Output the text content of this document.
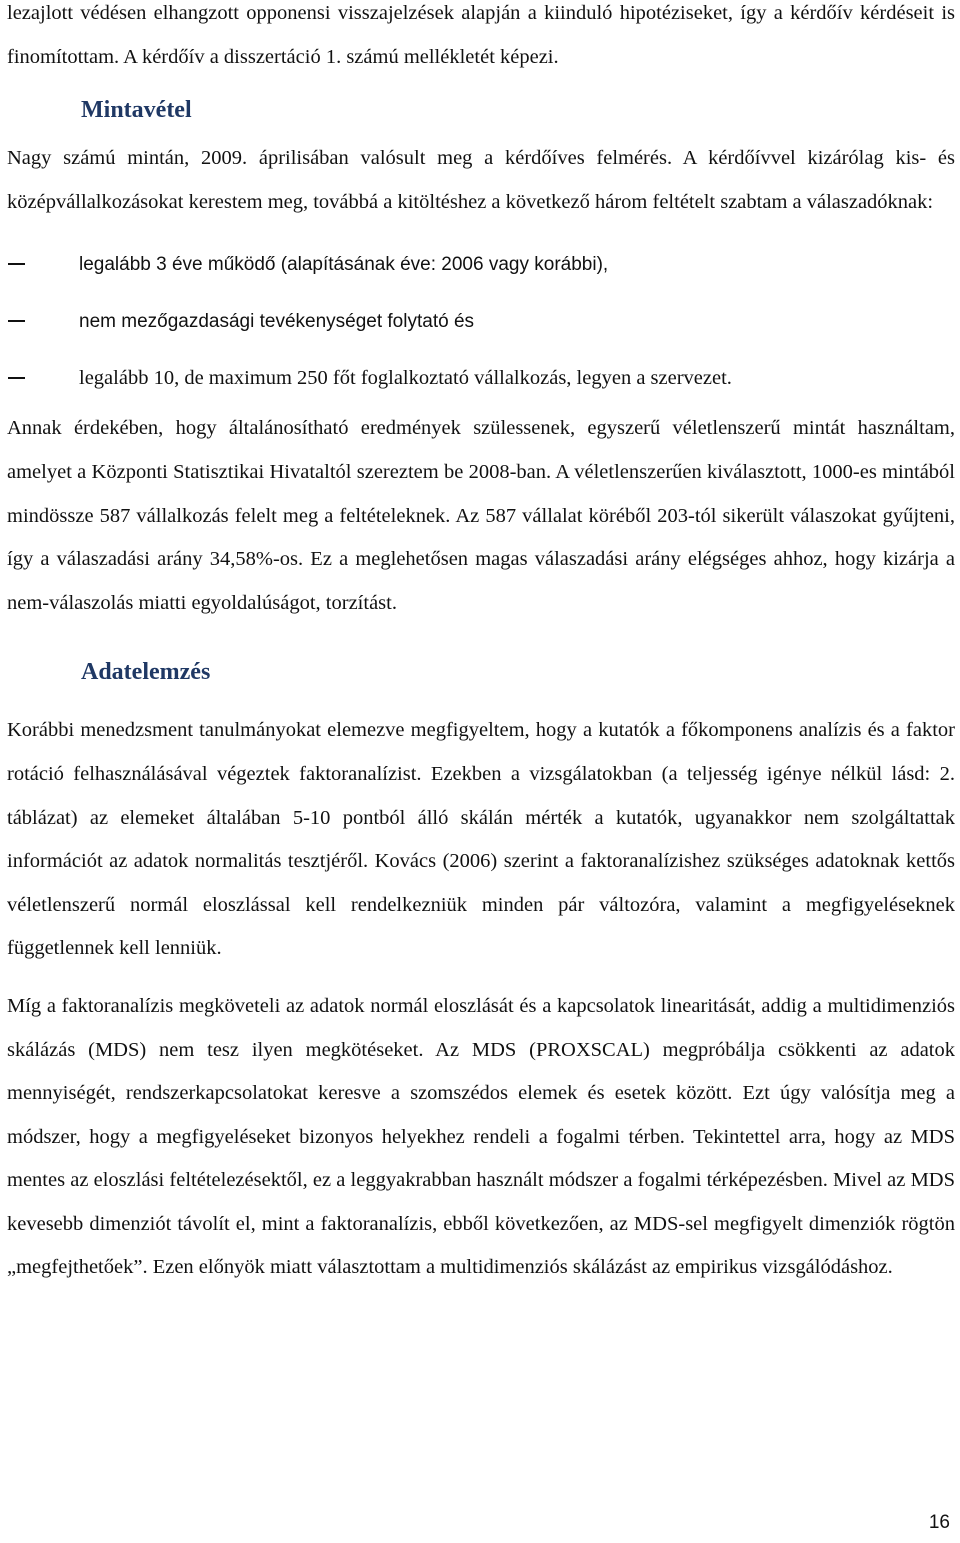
lezajlott védésen elhangzott opponensi visszajelzések alapján a kiinduló hipotéziseket, így a kérdőív kérdéseit is finomítottam. A kérdőív a disszertáció 1. számú mellékletét képezi.

Mintavétel

Nagy számú mintán, 2009. áprilisában valósult meg a kérdőíves felmérés. A kérdőívvel kizárólag kis- és középvállalkozásokat kerestem meg, továbbá a kitöltéshez a következő három feltételt szabtam a válaszadóknak:

legalább 3 éve működő (alapításának éve: 2006 vagy korábbi),
nem mezőgazdasági tevékenységet folytató és
legalább 10, de maximum 250 főt foglalkoztató vállalkozás, legyen a szervezet.

Annak érdekében, hogy általánosítható eredmények szülessenek, egyszerű véletlenszerű mintát használtam, amelyet a Központi Statisztikai Hivataltól szereztem be 2008-ban. A véletlenszerűen kiválasztott, 1000-es mintából mindössze 587 vállalkozás felelt meg a feltételeknek. Az 587 vállalat köréből 203-tól sikerült válaszokat gyűjteni, így a válaszadási arány 34,58%-os. Ez a meglehetősen magas válaszadási arány elégséges ahhoz, hogy kizárja a nem-válaszolás miatti egyoldalúságot, torzítást.

Adatelemzés

Korábbi menedzsment tanulmányokat elemezve megfigyeltem, hogy a kutatók a főkomponens analízis és a faktor rotáció felhasználásával végeztek faktoranalízist. Ezekben a vizsgálatokban (a teljesség igénye nélkül lásd: 2. táblázat) az elemeket általában 5-10 pontból álló skálán mérték a kutatók, ugyanakkor nem szolgáltattak információt az adatok normalitás tesztjéről. Kovács (2006) szerint a faktoranalízishez szükséges adatoknak kettős véletlenszerű normál eloszlással kell rendelkezniük minden pár változóra, valamint a megfigyeléseknek függetlennek kell lenniük.

Míg a faktoranalízis megköveteli az adatok normál eloszlását és a kapcsolatok linearitását, addig a multidimenziós skálázás (MDS) nem tesz ilyen megkötéseket. Az MDS (PROXSCAL) megpróbálja csökkenti az adatok mennyiségét, rendszerkapcsolatokat keresve a szomszédos elemek és esetek között. Ezt úgy valósítja meg a módszer, hogy a megfigyeléseket bizonyos helyekhez rendeli a fogalmi térben. Tekintettel arra, hogy az MDS mentes az eloszlási feltételezésektől, ez a leggyakrabban használt módszer a fogalmi térképezésben. Mivel az MDS kevesebb dimenziót távolít el, mint a faktoranalízis, ebből következően, az MDS-sel megfigyelt dimenziók rögtön „megfejthetőek”. Ezen előnyök miatt választottam a multidimenziós skálázást az empirikus vizsgálódáshoz.

16
